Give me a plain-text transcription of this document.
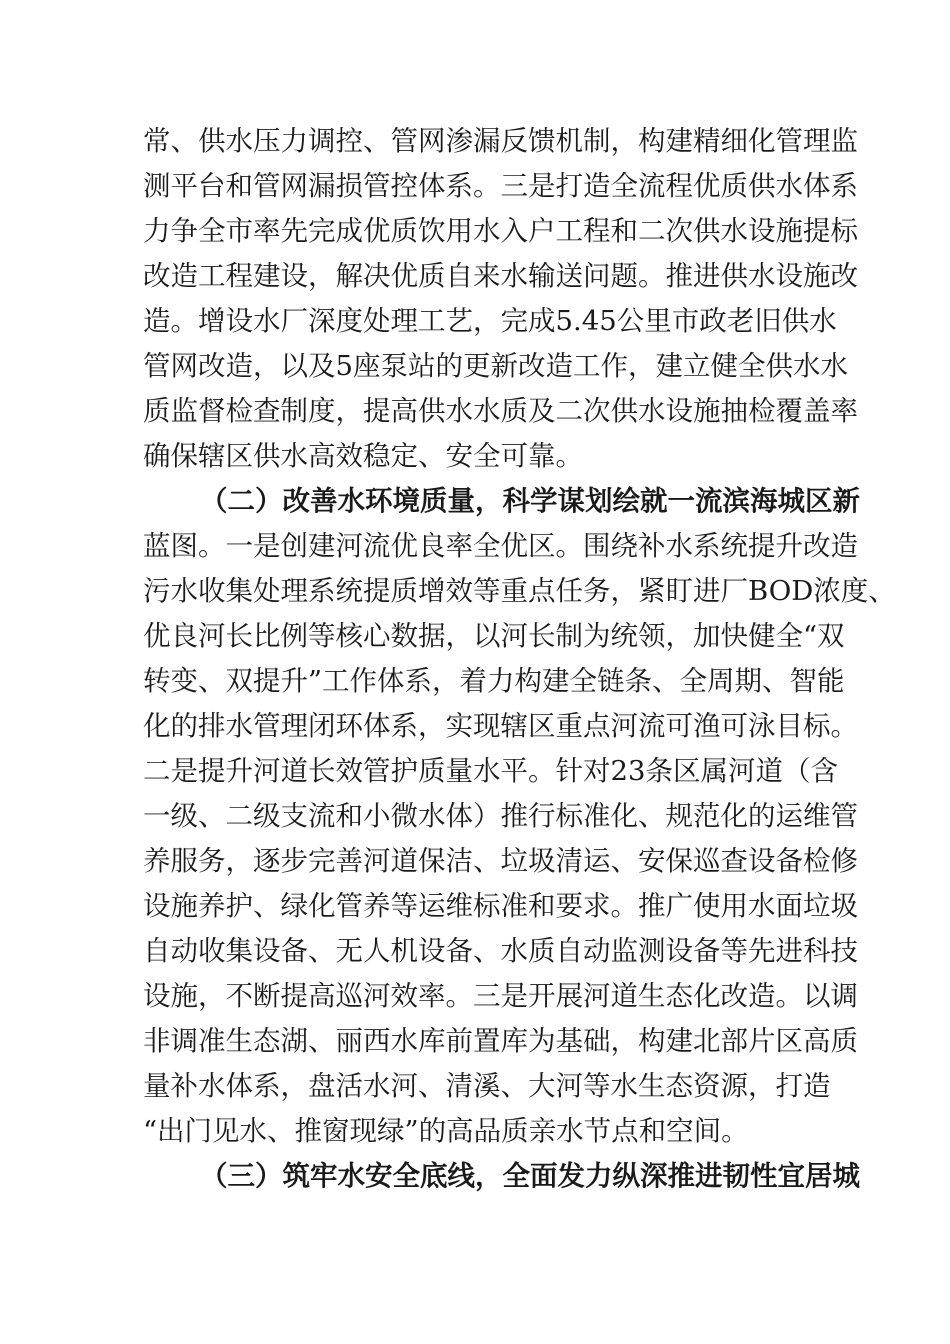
常、供水压力调控、管网渗漏反馈机制，构建精细化管理监
测平台和管网漏损管控体系。三是打造全流程优质供水体系
力争全市率先完成优质饮用水入户工程和二次供水设施提标
改造工程建设，解决优质自来水输送问题。推进供水设施改
造。增设水厂深度处理工艺，完成5.45公里市政老旧供水
管网改造，以及5座泵站的更新改造工作，建立健全供水水
质监督检查制度，提高供水水质及二次供水设施抽检覆盖率
确保辖区供水高效稳定、安全可靠。
（二）改善水环境质量，科学谋划绘就一流滨海城区新
蓝图。一是创建河流优良率全优区。围绕补水系统提升改造
污水收集处理系统提质增效等重点任务，紧盯进厂BOD浓度、
优良河长比例等核心数据，以河长制为统领，加快健全“双
转变、双提升”工作体系，着力构建全链条、全周期、智能
化的排水管理闭环体系，实现辖区重点河流可渔可泳目标。
二是提升河道长效管护质量水平。针对23条区属河道（含
一级、二级支流和小微水体）推行标准化、规范化的运维管
养服务，逐步完善河道保洁、垃圾清运、安保巡查设备检修
设施养护、绿化管养等运维标准和要求。推广使用水面垃圾
自动收集设备、无人机设备、水质自动监测设备等先进科技
设施，不断提高巡河效率。三是开展河道生态化改造。以调
非调准生态湖、丽西水库前置库为基础，构建北部片区高质
量补水体系，盘活水河、清溪、大河等水生态资源，打造
“出门见水、推窗现绿”的高品质亲水节点和空间。
（三）筑牢水安全底线，全面发力纵深推进韧性宜居城
